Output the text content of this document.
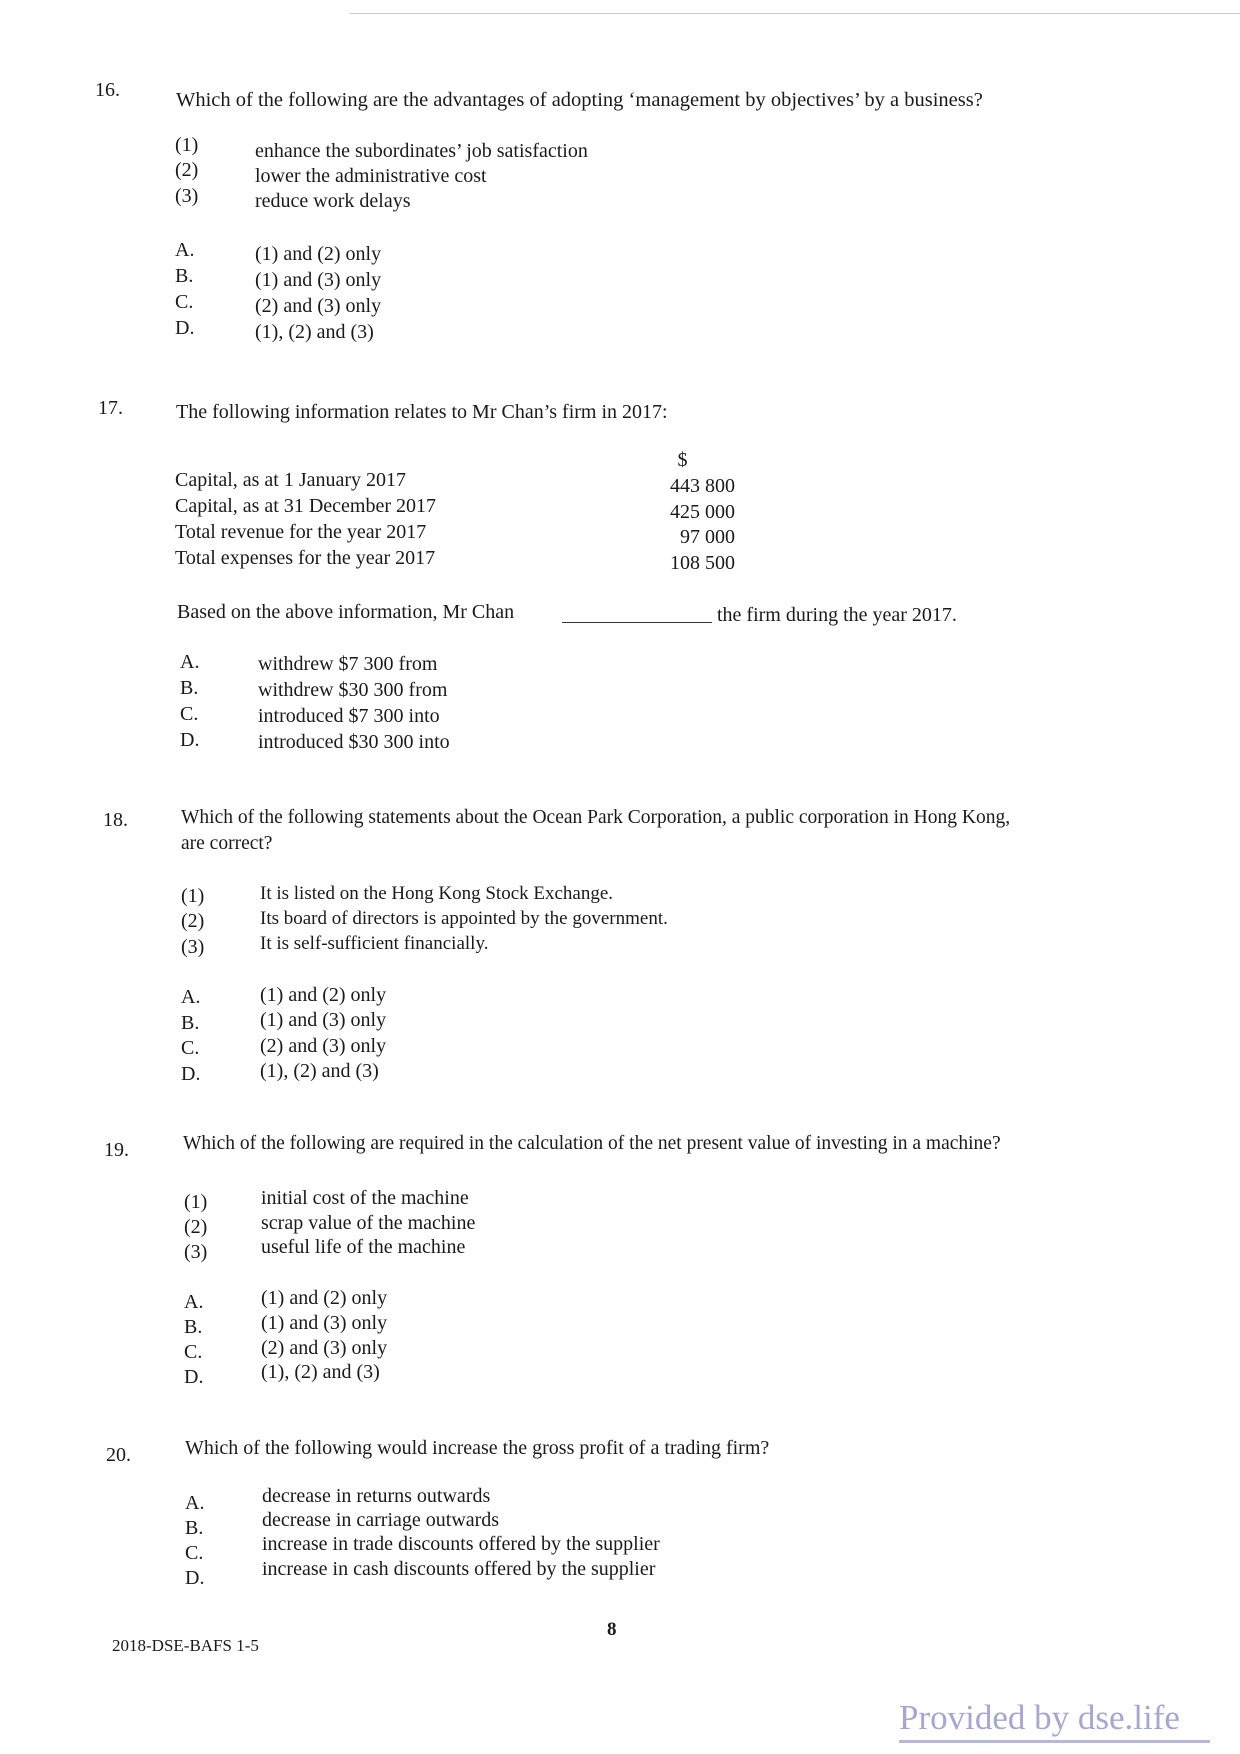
16.	Which of the following are the advantages of adopting ‘management by objectives’ by a business?
(1)	enhance the subordinates’ job satisfaction
(2)	lower the administrative cost
(3)	reduce work delays
A.	(1) and (2) only
B.	(1) and (3) only
C.	(2) and (3) only
D.	(1), (2) and (3)
17.	The following information relates to Mr Chan’s firm in 2017:
$
Capital, as at 1 January 2017	443 800
Capital, as at 31 December 2017	425 000
Total revenue for the year 2017	97 000
Total expenses for the year 2017	108 500
Based on the above information, Mr Chan	the firm during the year 2017.
A.	withdrew $7 300 from
B.	withdrew $30 300 from
C.	introduced $7 300 into
D.	introduced $30 300 into
18.	Which of the following statements about the Ocean Park Corporation, a public corporation in Hong Kong,
are correct?
(1)	It is listed on the Hong Kong Stock Exchange.
(2)	Its board of directors is appointed by the government.
(3)	It is self-sufficient financially.
A.	(1) and (2) only
B.	(1) and (3) only
C.	(2) and (3) only
D.	(1), (2) and (3)
19.	Which of the following are required in the calculation of the net present value of investing in a machine?
(1)	initial cost of the machine
(2)	scrap value of the machine
(3)	useful life of the machine
A.	(1) and (2) only
B.	(1) and (3) only
C.	(2) and (3) only
D.	(1), (2) and (3)
20.	Which of the following would increase the gross profit of a trading firm?
A.	decrease in returns outwards
B.	decrease in carriage outwards
C.	increase in trade discounts offered by the supplier
D.	increase in cash discounts offered by the supplier
8
2018-DSE-BAFS 1-5
Provided by dse.life
